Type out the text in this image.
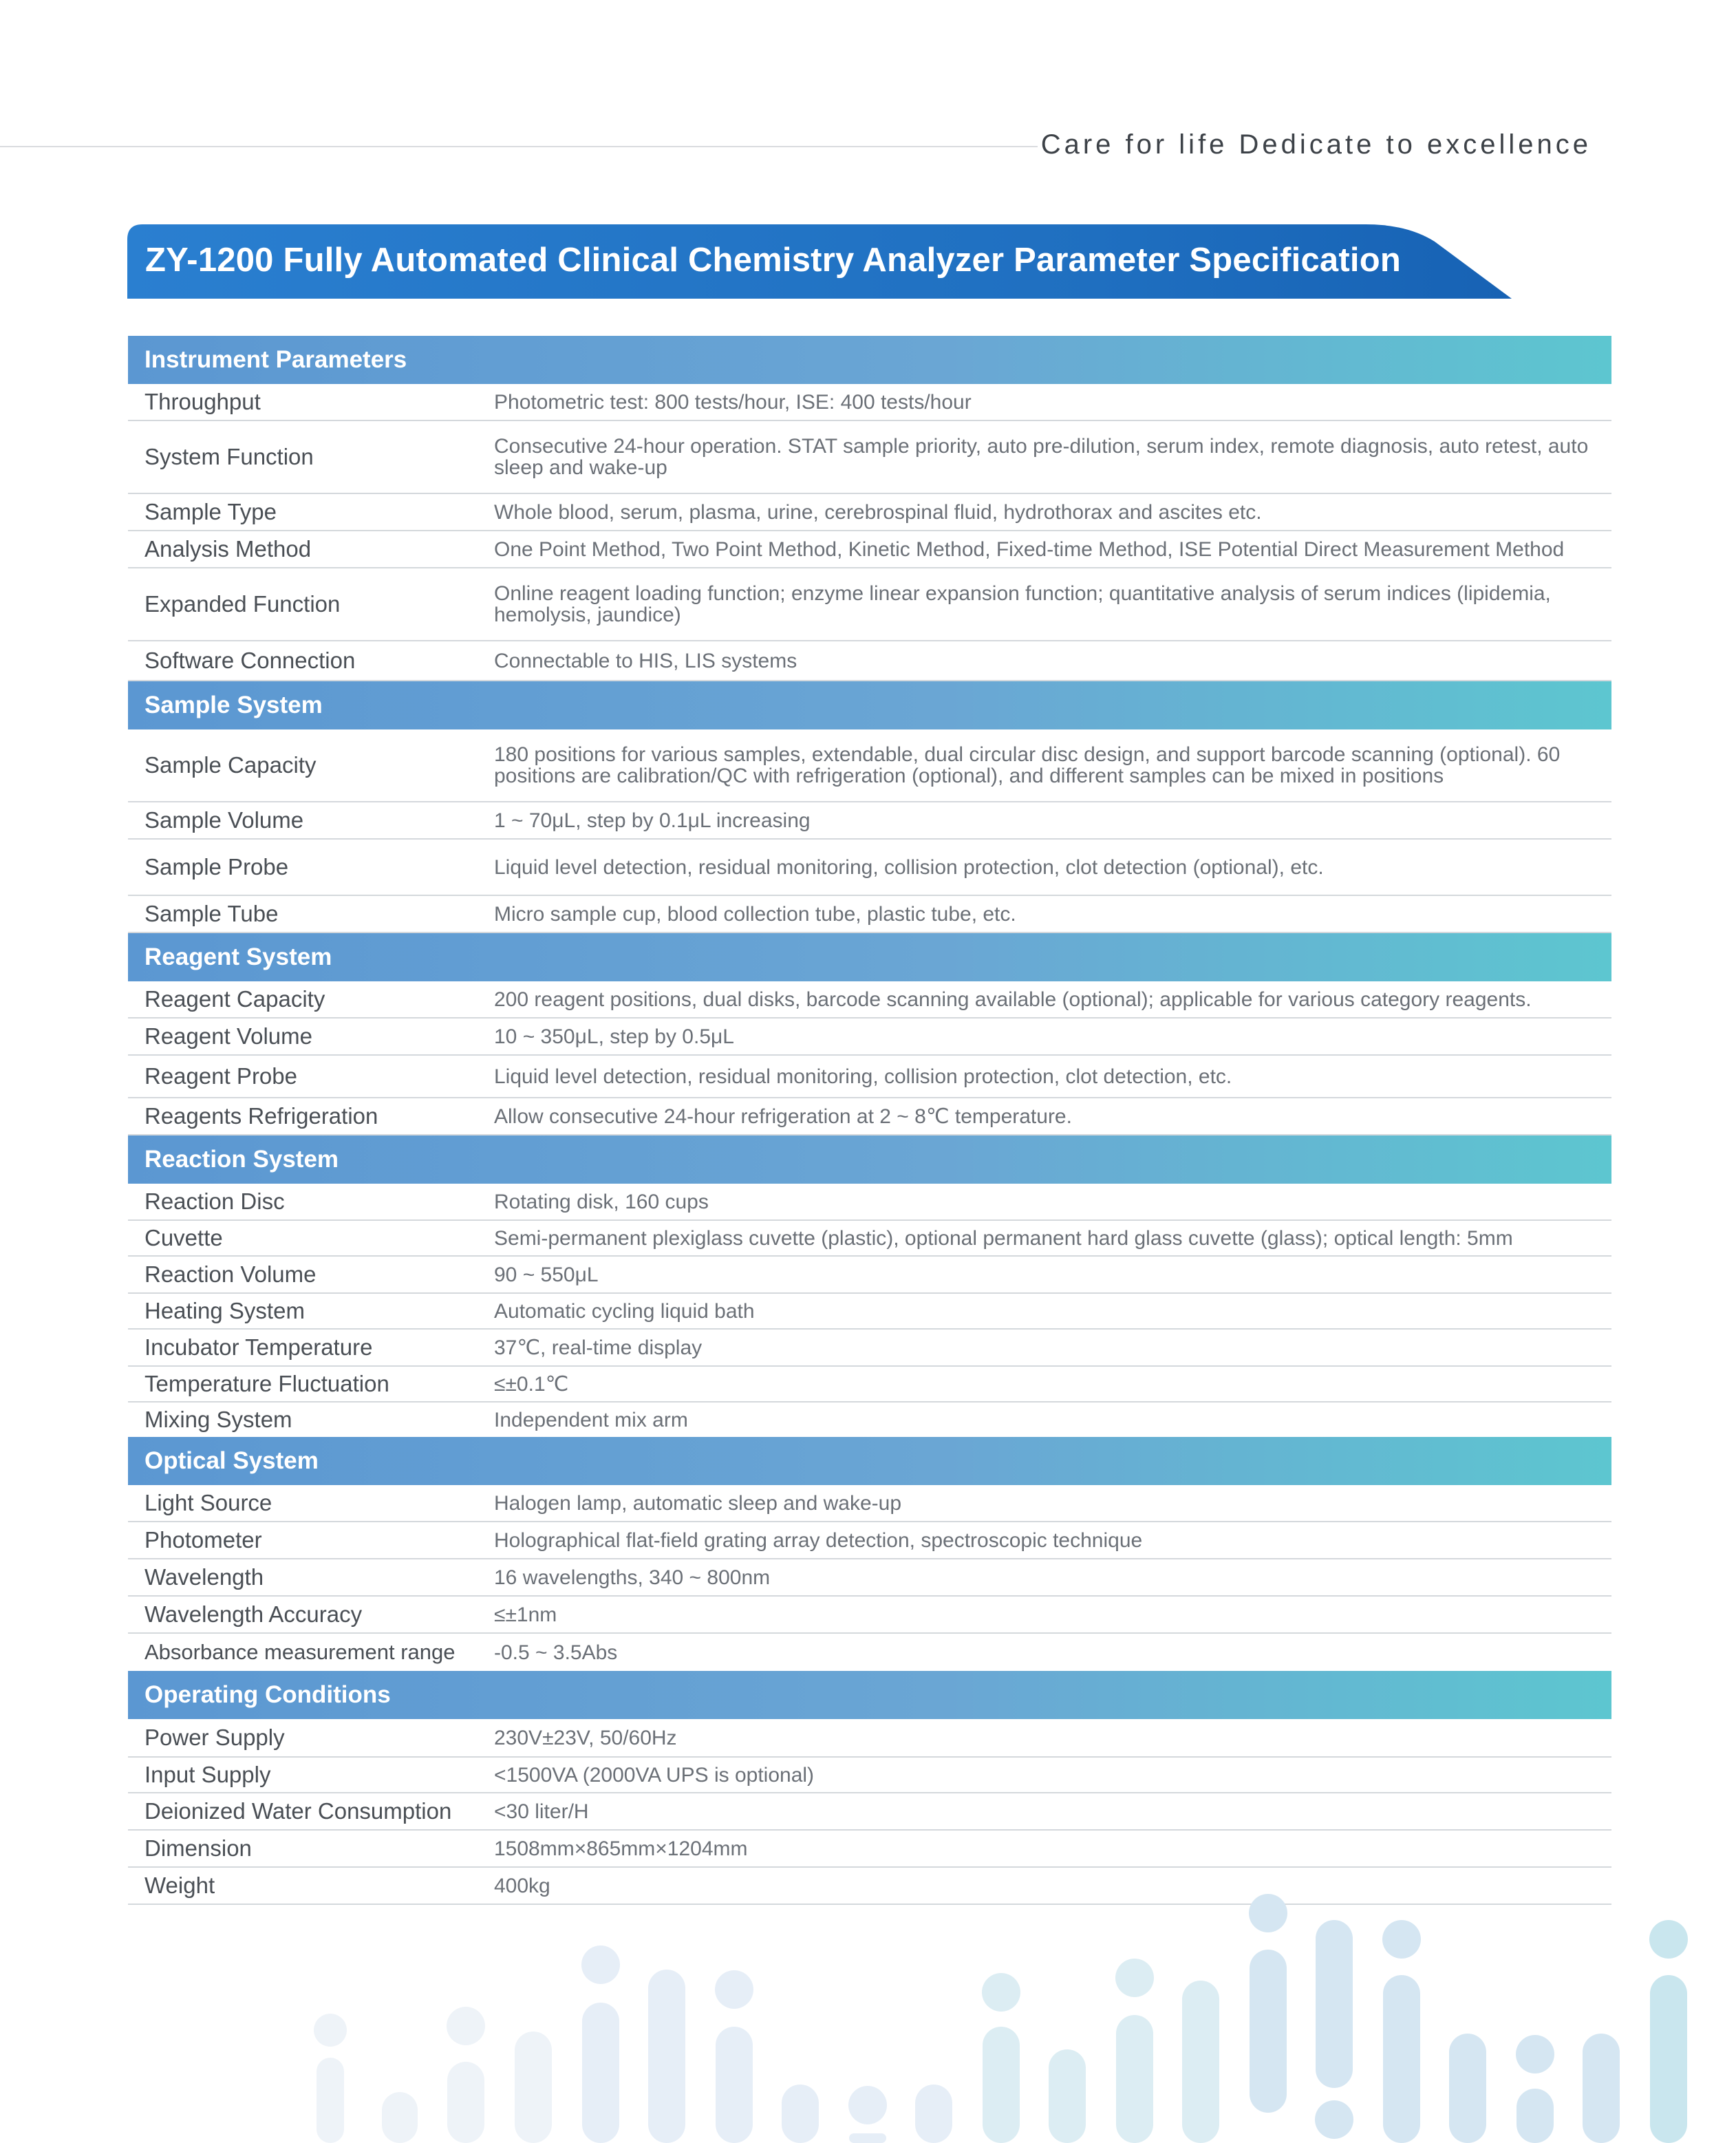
Care for life Dedicate to excellence
ZY-1200 Fully Automated Clinical Chemistry Analyzer Parameter Specification
Instrument Parameters
Throughput	Photometric test: 800 tests/hour, ISE: 400 tests/hour
System Function	Consecutive 24-hour operation. STAT sample priority, auto pre-dilution, serum index, remote diagnosis, auto retest, auto sleep and wake-up
Sample Type	Whole blood, serum, plasma, urine, cerebrospinal fluid, hydrothorax and ascites etc.
Analysis Method	One Point Method, Two Point Method, Kinetic Method, Fixed-time Method, ISE Potential Direct Measurement Method
Expanded Function	Online reagent loading function; enzyme linear expansion function; quantitative analysis of serum indices (lipidemia, hemolysis, jaundice)
Software Connection	Connectable to HIS, LIS systems
Sample System
Sample Capacity	180 positions for various samples, extendable, dual circular disc design, and support barcode scanning (optional). 60 positions are calibration/QC with refrigeration (optional), and different samples can be mixed in positions
Sample Volume	1 ~ 70μL, step by 0.1μL increasing
Sample Probe	Liquid level detection, residual monitoring, collision protection, clot detection (optional), etc.
Sample Tube	Micro sample cup, blood collection tube, plastic tube, etc.
Reagent System
Reagent Capacity	200 reagent positions, dual disks, barcode scanning available (optional); applicable for various category reagents.
Reagent Volume	10 ~ 350μL, step by 0.5μL
Reagent Probe	Liquid level detection, residual monitoring, collision protection, clot detection, etc.
Reagents Refrigeration	Allow consecutive 24-hour refrigeration at 2 ~ 8℃ temperature.
Reaction System
Reaction Disc	Rotating disk, 160 cups
Cuvette	Semi-permanent plexiglass cuvette (plastic), optional permanent hard glass cuvette (glass); optical length: 5mm
Reaction Volume	90 ~ 550μL
Heating System	Automatic cycling liquid bath
Incubator Temperature	37℃, real-time display
Temperature Fluctuation	≤±0.1℃
Mixing System	Independent mix arm
Optical System
Light Source	Halogen lamp, automatic sleep and wake-up
Photometer	Holographical flat-field grating array detection, spectroscopic technique
Wavelength	16 wavelengths, 340 ~ 800nm
Wavelength Accuracy	≤±1nm
Absorbance measurement range	-0.5 ~ 3.5Abs
Operating Conditions
Power Supply	230V±23V, 50/60Hz
Input Supply	<1500VA (2000VA UPS is optional)
Deionized Water Consumption	<30 liter/H
Dimension	1508mm×865mm×1204mm
Weight	400kg
